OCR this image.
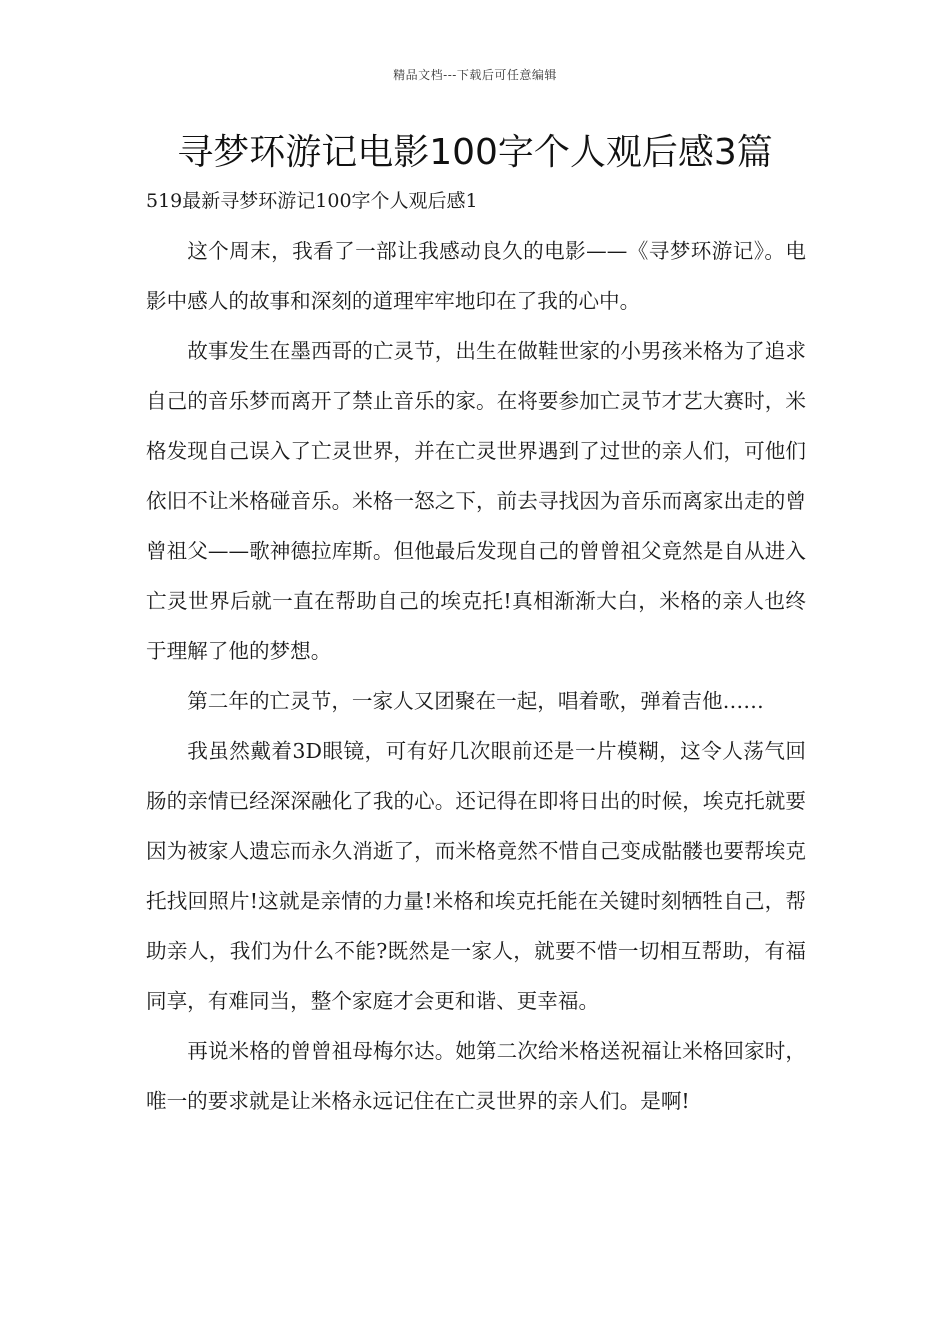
精品文档---下载后可任意编辑
寻梦环游记电影100字个人观后感3篇
519最新寻梦环游记100字个人观后感1

这个周末，我看了一部让我感动良久的电影——《寻梦环游记》。电影中感人的故事和深刻的道理牢牢地印在了我的心中。

故事发生在墨西哥的亡灵节，出生在做鞋世家的小男孩米格为了追求自己的音乐梦而离开了禁止音乐的家。在将要参加亡灵节才艺大赛时，米格发现自己误入了亡灵世界，并在亡灵世界遇到了过世的亲人们，可他们依旧不让米格碰音乐。米格一怒之下，前去寻找因为音乐而离家出走的曾曾祖父——歌神德拉库斯。但他最后发现自己的曾曾祖父竟然是自从进入亡灵世界后就一直在帮助自己的埃克托!真相渐渐大白，米格的亲人也终于理解了他的梦想。

第二年的亡灵节，一家人又团聚在一起，唱着歌，弹着吉他……

我虽然戴着3D眼镜，可有好几次眼前还是一片模糊，这令人荡气回肠的亲情已经深深融化了我的心。还记得在即将日出的时候，埃克托就要因为被家人遗忘而永久消逝了，而米格竟然不惜自己变成骷髅也要帮埃克托找回照片!这就是亲情的力量!米格和埃克托能在关键时刻牺牲自己，帮助亲人，我们为什么不能?既然是一家人，就要不惜一切相互帮助，有福同享，有难同当，整个家庭才会更和谐、更幸福。

再说米格的曾曾祖母梅尔达。她第二次给米格送祝福让米格回家时，唯一的要求就是让米格永远记住在亡灵世界的亲人们。是啊!
